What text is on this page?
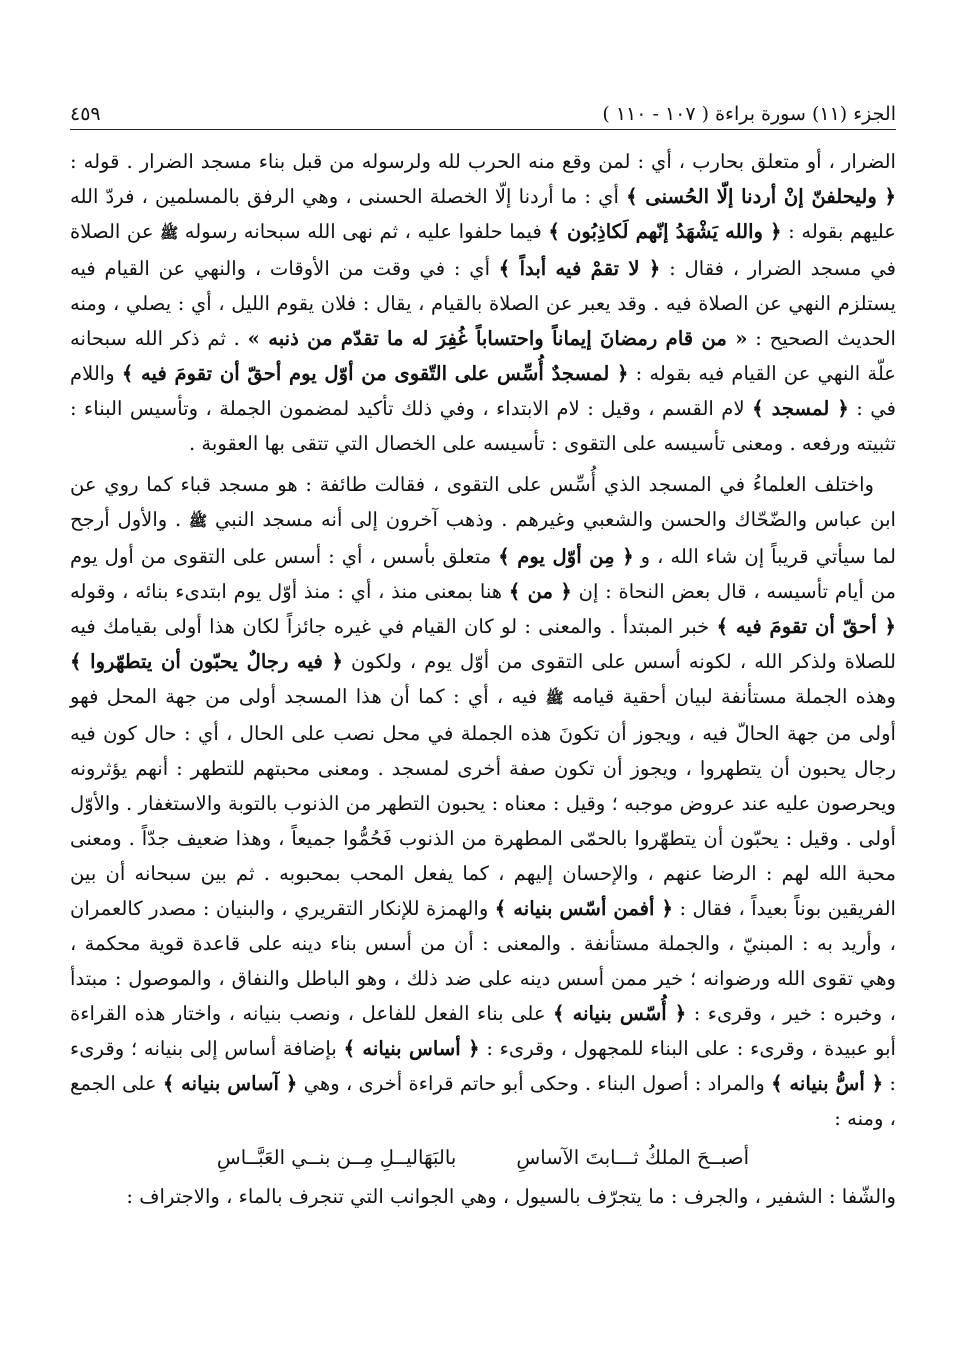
الجزء (١١) سورة براءة ( ١٠٧ - ١١٠ )
٤٥٩

الضرار ، أو متعلق بحارب ، أي : لمن وقع منه الحرب لله ولرسوله من قبل بناء مسجد الضرار . قوله : ﴿ وليحلفنّ إنْ أردنا إلّا الحُسنى ﴾ أي : ما أردنا إلّا الخصلة الحسنى ، وهي الرفق بالمسلمين ، فردّ الله عليهم بقوله : ﴿ والله يَشْهَدُ إنّهم لَكاذِبُون ﴾ فيما حلفوا عليه ، ثم نهى الله سبحانه رسوله ﷺ عن الصلاة في مسجد الضرار ، فقال : ﴿ لا تقمْ فيه أبداً ﴾ أي : في وقت من الأوقات ، والنهي عن القيام فيه يستلزم النهي عن الصلاة فيه . وقد يعبر عن الصلاة بالقيام ، يقال : فلان يقوم الليل ، أي : يصلي ، ومنه الحديث الصحيح : « من قام رمضانَ إيماناً واحتساباً غُفِرَ له ما تقدّم من ذنبه » . ثم ذكر الله سبحانه علّة النهي عن القيام فيه بقوله : ﴿ لمسجدٌ أُسِّس على التّقوى من أوّل يوم أحقّ أن تقومَ فيه ﴾ واللام في : ﴿ لمسجد ﴾ لام القسم ، وقيل : لام الابتداء ، وفي ذلك تأكيد لمضمون الجملة ، وتأسيس البناء : تثبيته ورفعه . ومعنى تأسيسه على التقوى : تأسيسه على الخصال التي تتقى بها العقوبة .

واختلف العلماءُ في المسجد الذي أُسِّس على التقوى ، فقالت طائفة : هو مسجد قباء كما روي عن ابن عباس والضّحّاك والحسن والشعبي وغيرهم . وذهب آخرون إلى أنه مسجد النبي ﷺ . والأول أرجح لما سيأتي قريباً إن شاء الله ، و ﴿ مِن أوّل يوم ﴾ متعلق بأسس ، أي : أسس على التقوى من أول يوم من أيام تأسيسه ، قال بعض النحاة : إن ﴿ من ﴾ هنا بمعنى منذ ، أي : منذ أوّل يوم ابتدىء بنائه ، وقوله ﴿ أحقّ أن تقومَ فيه ﴾ خبر المبتدأ . والمعنى : لو كان القيام في غيره جائزاً لكان هذا أولى بقيامك فيه للصلاة ولذكر الله ، لكونه أسس على التقوى من أوّل يوم ، ولكون ﴿ فيه رجالٌ يحبّون أن يتطهّروا ﴾ وهذه الجملة مستأنفة لبيان أحقية قيامه ﷺ فيه ، أي : كما أن هذا المسجد أولى من جهة المحل فهو أولى من جهة الحالّ فيه ، ويجوز أن تكونَ هذه الجملة في محل نصب على الحال ، أي : حال كون فيه رجال يحبون أن يتطهروا ، ويجوز أن تكون صفة أخرى لمسجد . ومعنى محبتهم للتطهر : أنهم يؤثرونه ويحرصون عليه عند عروض موجبه ؛ وقيل : معناه : يحبون التطهر من الذنوب بالتوبة والاستغفار . والأوّل أولى . وقيل : يحبّون أن يتطهّروا بالحمّى المطهرة من الذنوب فَحُمُّوا جميعاً ، وهذا ضعيف جدّاً . ومعنى محبة الله لهم : الرضا عنهم ، والإحسان إليهم ، كما يفعل المحب بمحبوبه . ثم بين سبحانه أن بين الفريقين بوناً بعيداً ، فقال : ﴿ أفمن أسّس بنيانه ﴾ والهمزة للإنكار التقريري ، والبنيان : مصدر كالعمران ، وأريد به : المبنيّ ، والجملة مستأنفة . والمعنى : أن من أسس بناء دينه على قاعدة قوية محكمة ، وهي تقوى الله ورضوانه ؛ خير ممن أسس دينه على ضد ذلك ، وهو الباطل والنفاق ، والموصول : مبتدأ ، وخبره : خير ، وقرىء : ﴿ أُسّس بنيانه ﴾ على بناء الفعل للفاعل ، ونصب بنيانه ، واختار هذه القراءة أبو عبيدة ، وقرىء : على البناء للمجهول ، وقرىء : ﴿ أساس بنيانه ﴾ بإضافة أساس إلى بنيانه ؛ وقرىء : ﴿ أسُّ بنيانه ﴾ والمراد : أصول البناء . وحكى أبو حاتم قراءة أخرى ، وهي ﴿ آساس بنيانه ﴾ على الجمع ، ومنه :

أصبــحَ الملكُ ثـــابتَ الآساسِ
بالبَهَاليــلِ مِــن بنــي العَبَّــاسِ

والشّفا : الشفير ، والجرف : ما يتجرّف بالسيول ، وهي الجوانب التي تنجرف بالماء ، والاجتراف :
